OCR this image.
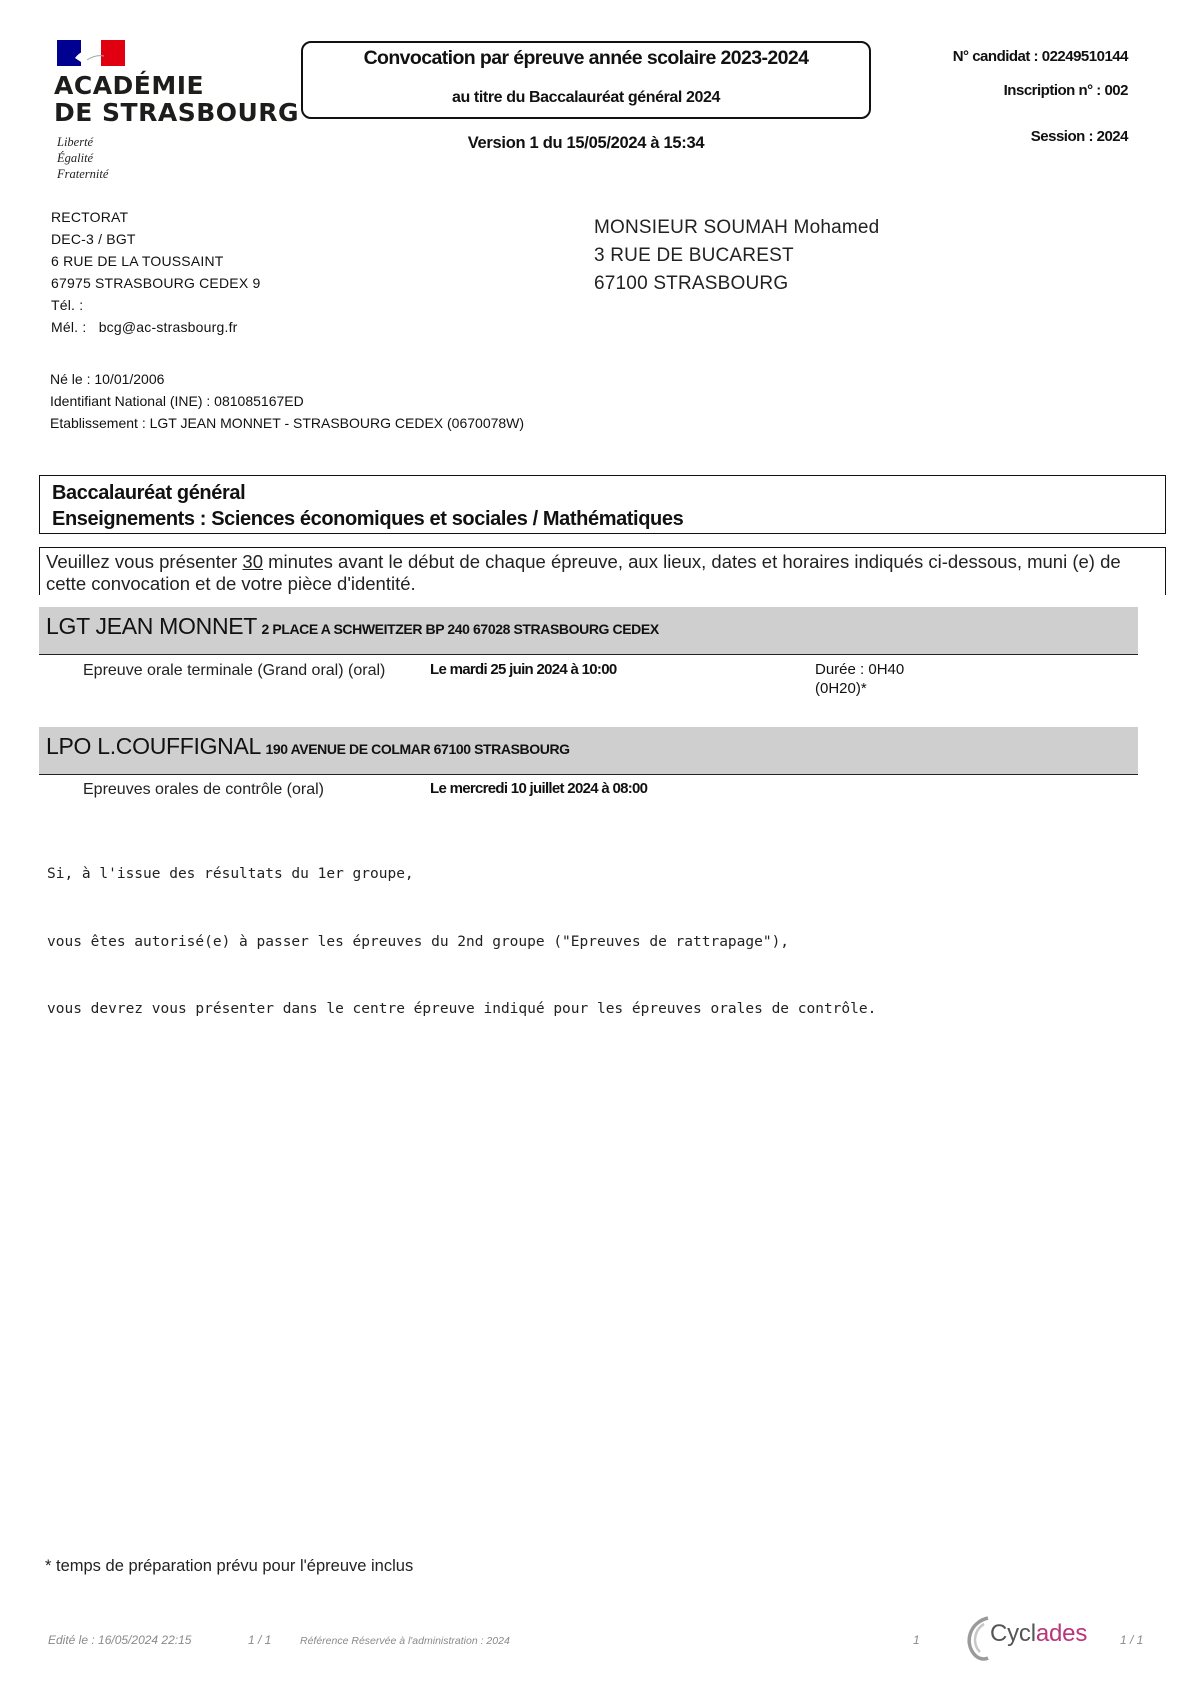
ACADÉMIE
DE STRASBOURG
Liberté
Égalité
Fraternité
Convocation par épreuve année scolaire 2023-2024
au titre du Baccalauréat général 2024
Version 1 du 15/05/2024 à 15:34
N° candidat : 02249510144
Inscription n° : 002
Session : 2024
RECTORAT
DEC-3 / BGT
6 RUE DE LA TOUSSAINT
67975 STRASBOURG CEDEX 9
Tél. :
Mél. :   bcg@ac-strasbourg.fr
MONSIEUR SOUMAH Mohamed
3 RUE DE BUCAREST
67100 STRASBOURG
Né le : 10/01/2006
Identifiant National (INE) : 081085167ED
Etablissement : LGT JEAN MONNET - STRASBOURG CEDEX (0670078W)
Baccalauréat général
Enseignements : Sciences économiques et sociales / Mathématiques
Veuillez vous présenter 30 minutes avant le début de chaque épreuve, aux lieux, dates et horaires indiqués ci-dessous, muni (e) de cette convocation et de votre pièce d'identité.
LGT JEAN MONNET 2 PLACE A SCHWEITZER BP 240 67028 STRASBOURG CEDEX
Epreuve orale terminale (Grand oral) (oral)	Le mardi 25 juin 2024 à 10:00	Durée : 0H40
(0H20)*
LPO L.COUFFIGNAL 190 AVENUE DE COLMAR 67100 STRASBOURG
Epreuves orales de contrôle (oral)	Le mercredi 10 juillet 2024 à 08:00

Si, à l'issue des résultats du 1er groupe,

vous êtes autorisé(e) à passer les épreuves du 2nd groupe ("Epreuves de rattrapage"),

vous devrez vous présenter dans le centre épreuve indiqué pour les épreuves orales de contrôle.

* temps de préparation prévu pour l'épreuve inclus
Edité le : 16/05/2024 22:15	1 / 1	Référence Réservée à l'administration : 2024	1	Cyclades	1 / 1
